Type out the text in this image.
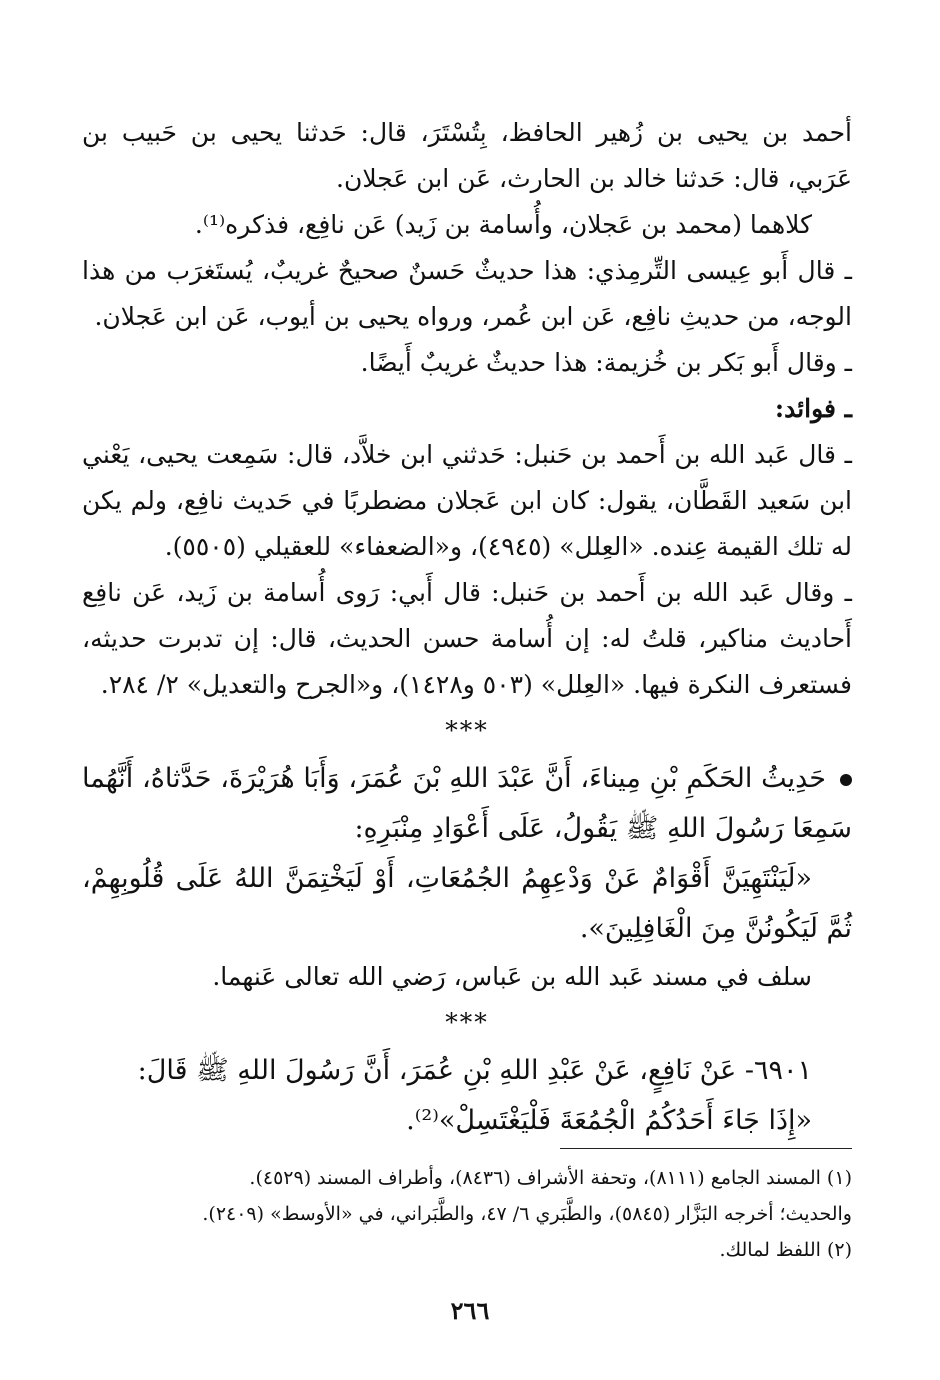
أحمد بن يحيى بن زُهير الحافظ، بِتُسْتَرَ، قال: حَدثنا يحيى بن حَبيب بن عَرَبي، قال: حَدثنا خالد بن الحارث، عَن ابن عَجلان.

كلاهما (محمد بن عَجلان، وأُسامة بن زَيد) عَن نافِع، فذكره⁽¹⁾.

ـ قال أَبو عِيسى التِّرمِذي: هذا حديثٌ حَسنٌ صحيحٌ غريبٌ، يُستَغرَب من هذا الوجه، من حديثِ نافِع، عَن ابن عُمر، ورواه يحيى بن أيوب، عَن ابن عَجلان.

ـ وقال أَبو بَكر بن خُزيمة: هذا حديثٌ غريبٌ أَيضًا.

ـ فوائد:

ـ قال عَبد الله بن أَحمد بن حَنبل: حَدثني ابن خلاَّد، قال: سَمِعت يحيى، يَعْني ابن سَعيد القَطَّان، يقول: كان ابن عَجلان مضطربًا في حَديث نافِع، ولم يكن له تلك القيمة عِنده. «العِلل» (٤٩٤٥)، و«الضعفاء» للعقيلي (٥٥٠٥).

ـ وقال عَبد الله بن أَحمد بن حَنبل: قال أَبي: رَوى أُسامة بن زَيد، عَن نافِع أَحاديث مناكير، قلتُ له: إن أُسامة حسن الحديث، قال: إن تدبرت حديثه، فستعرف النكرة فيها. «العِلل» (٥٠٣ و١٤٢٨)، و«الجرح والتعديل» ٢/ ٢٨٤.

***

حَدِيثُ الحَكَمِ بْنِ مِيناءَ، أَنَّ عَبْدَ اللهِ بْنَ عُمَرَ، وَأَبَا هُرَيْرَةَ، حَدَّثاهُ، أَنَّهُما سَمِعَا رَسُولَ اللهِ ﷺ يَقُولُ، عَلَى أَعْوَادِ مِنْبَرِهِ:

«لَيَنْتَهِيَنَّ أَقْوَامٌ عَنْ وَدْعِهِمُ الجُمُعَاتِ، أَوْ لَيَخْتِمَنَّ اللهُ عَلَى قُلُوبِهِمْ، ثُمَّ لَيَكُونُنَّ مِنَ الْغَافِلِينَ».

سلف في مسند عَبد الله بن عَباس، رَضي الله تعالى عَنهما.

***

٦٩٠١- عَنْ نَافِعٍ، عَنْ عَبْدِ اللهِ بْنِ عُمَرَ، أَنَّ رَسُولَ اللهِ ﷺ قَالَ:

«إِذَا جَاءَ أَحَدُكُمُ الْجُمُعَةَ فَلْيَغْتَسِلْ»⁽²⁾.

(١) المسند الجامع (٨١١١)، وتحفة الأشراف (٨٤٣٦)، وأطراف المسند (٤٥٢٩).

والحديث؛ أخرجه البَزَّار (٥٨٤٥)، والطَّبَري ٦/ ٤٧، والطَّبَراني، في «الأوسط» (٢٤٠٩).

(٢) اللفظ لمالك.

٢٦٦
